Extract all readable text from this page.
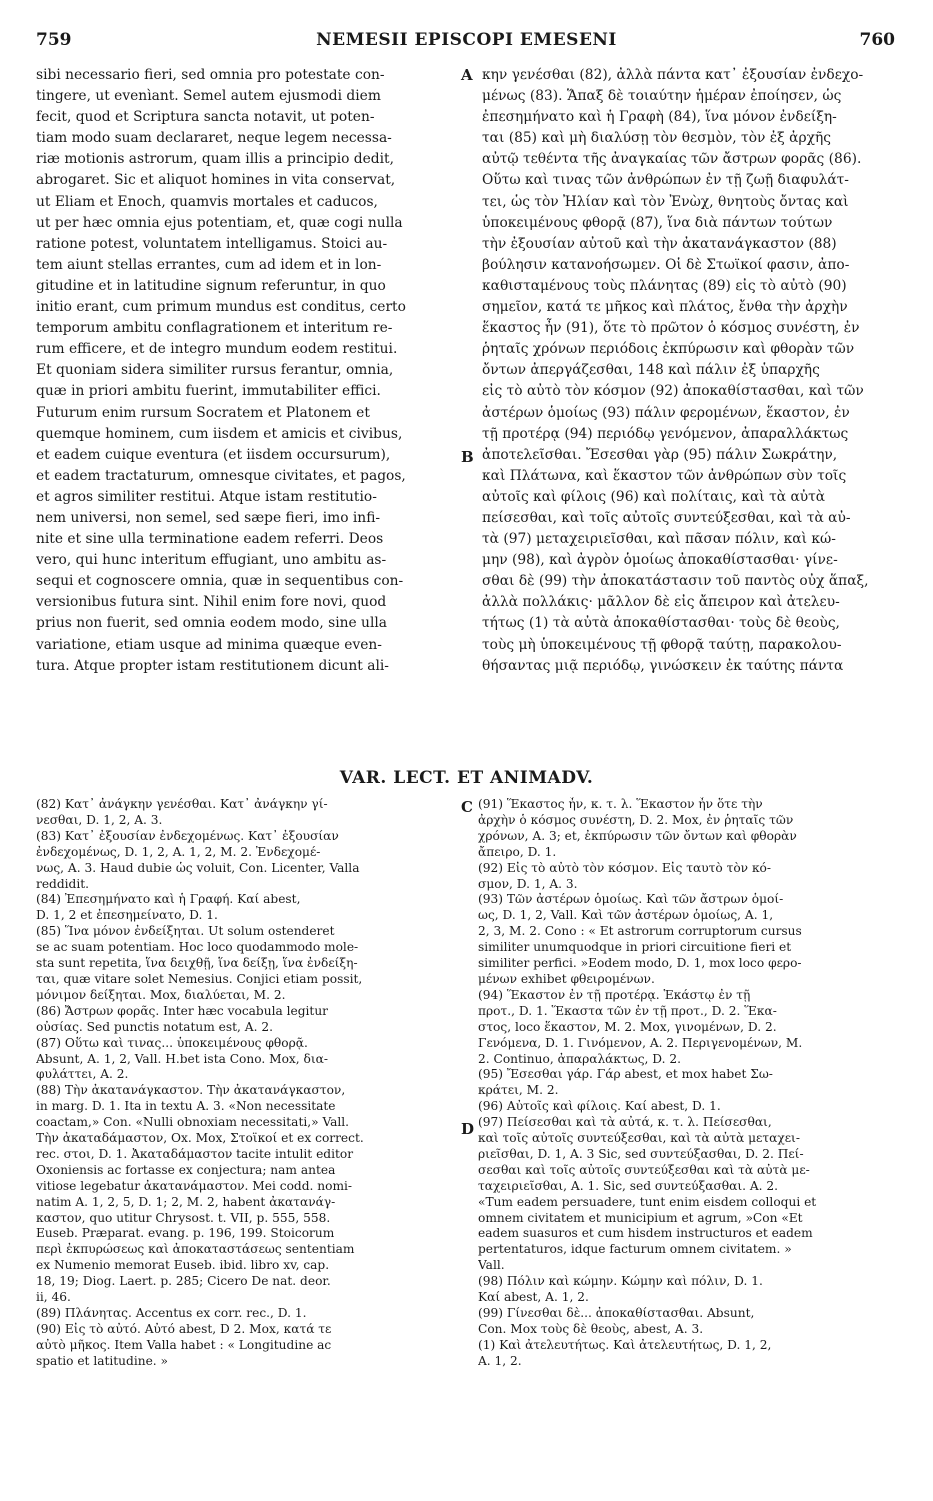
759	NEMESII EPISCOPI EMESENI	760
sibi necessario fieri, sed omnia pro potestate con-
tingere, ut evenìant. Semel autem ejusmodi diem
fecit, quod et Scriptura sancta notavit, ut poten-
tiam modo suam declararet, neque legem necessa-
riæ motionis astrorum, quam illis a principio dedit,
abrogaret. Sic et aliquot homines in vita conservat,
ut Eliam et Enoch, quamvis mortales et caducos,
ut per hæc omnia ejus potentiam, et, quæ cogi nulla
ratione potest, voluntatem intelligamus. Stoici au-
tem aiunt stellas errantes, cum ad idem et in lon-
gitudine et in latitudine signum referuntur, in quo
initio erant, cum primum mundus est conditus, certo
temporum ambitu conflagrationem et interitum re-
rum efficere, et de integro mundum eodem restitui.
Et quoniam sidera similiter rursus ferantur, omnia,
quæ in priori ambitu fuerint, immutabiliter effici.
Futurum enim rursum Socratem et Platonem et
quemque hominem, cum iisdem et amicis et civibus,
et eadem cuique eventura (et iisdem occursurum),
et eadem tractaturum, omnesque civitates, et pagos,
et agros similiter restitui. Atque istam restitutio-
nem universi, non semel, sed sæpe fieri, imo infi-
nite et sine ulla terminatione eadem referri. Deos
vero, qui hunc interitum effugiant, uno ambitu as-
sequi et cognoscere omnia, quæ in sequentibus con-
versionibus futura sint. Nihil enim fore novi, quod
prius non fuerit, sed omnia eodem modo, sine ulla
variatione, etiam usque ad minima quæque even-
tura. Atque propter istam restitutionem dicunt ali-
κην γενέσθαι (82), ἀλλὰ πάντα κατ᾽ ἐξουσίαν ἐνδεχο-
μένως (83). Ἅπαξ δὲ τοιαύτην ἡμέραν ἐποίησεν, ὡς
ἐπεσημήνατο καὶ ἡ Γραφὴ (84), ἵνα μόνον ἐνδείξη-
ται (85) καὶ μὴ διαλύσῃ τὸν θεσμὸν, τὸν ἐξ ἀρχῆς
αὐτῷ τεθέντα τῆς ἀναγκαίας τῶν ἄστρων φορᾶς (86).
Οὕτω καὶ τινας τῶν ἀνθρώπων ἐν τῇ ζωῇ διαφυλάτ-
τει, ὡς τὸν Ἠλίαν καὶ τὸν Ἐνὼχ, θνητοὺς ὄντας καὶ
ὑποκειμένους φθορᾷ (87), ἵνα διὰ πάντων τούτων
τὴν ἐξουσίαν αὐτοῦ καὶ τὴν ἀκατανάγκαστον (88)
βούλησιν κατανοήσωμεν. Οἱ δὲ Στωϊκοί φασιν, ἀπο-
καθισταμένους τοὺς πλάνητας (89) εἰς τὸ αὐτὸ (90)
σημεῖον, κατά τε μῆκος καὶ πλάτος, ἔνθα τὴν ἀρχὴν
ἕκαστος ἦν (91), ὅτε τὸ πρῶτον ὁ κόσμος συνέστη, ἐν
ῥηταῖς χρόνων περιόδοις ἐκπύρωσιν καὶ φθορὰν τῶν
ὄντων ἀπεργάζεσθαι, 148 καὶ πάλιν ἐξ ὑπαρχῆς
εἰς τὸ αὐτὸ τὸν κόσμον (92) ἀποκαθίστασθαι, καὶ τῶν
ἀστέρων ὁμοίως (93) πάλιν φερομένων, ἕκαστον, ἐν
τῇ προτέρᾳ (94) περιόδῳ γενόμενον, ἀπαραλλάκτως
ἀποτελεῖσθαι. Ἔσεσθαι γὰρ (95) πάλιν Σωκράτην,
καὶ Πλάτωνα, καὶ ἕκαστον τῶν ἀνθρώπων σὺν τοῖς
αὐτοῖς καὶ φίλοις (96) καὶ πολίταις, καὶ τὰ αὐτὰ
πείσεσθαι, καὶ τοῖς αὐτοῖς συντεύξεσθαι, καὶ τὰ αὐ-
τὰ (97) μεταχειριεῖσθαι, καὶ πᾶσαν πόλιν, καὶ κώ-
μην (98), καὶ ἀγρὸν ὁμοίως ἀποκαθίστασθαι· γίνε-
σθαι δὲ (99) τὴν ἀποκατάστασιν τοῦ παντὸς οὐχ ἅπαξ,
ἀλλὰ πολλάκις· μᾶλλον δὲ εἰς ἄπειρον καὶ ἀτελευ-
τήτως (1) τὰ αὐτὰ ἀποκαθίστασθαι· τοὺς δὲ θεοὺς,
τοὺς μὴ ὑποκειμένους τῇ φθορᾷ ταύτῃ, παρακολου-
θήσαντας μιᾷ περιόδῳ, γινώσκειν ἐκ ταύτης πάντα
A
B
C
D
VAR. LECT. ET ANIMADV.
(82) Κατ᾽ ἀνάγκην γενέσθαι. Κατ᾽ ἀνάγκην γί-
νεσθαι, D. 1, 2, A. 3.
(83) Κατ᾽ ἐξουσίαν ἐνδεχομένως. Κατ᾽ ἐξουσίαν
ἐνδεχομένως, D. 1, 2, A. 1, 2, M. 2. Ἐνδεχομέ-
νως, A. 3. Haud dubie ὡς voluit, Con. Licenter, Valla
reddidit.
(84) Ἐπεσημήνατο καὶ ἡ Γραφή. Καί abest,
D. 1, 2 et ἐπεσημείνατο, D. 1.
(85) Ἵνα μόνον ἐνδείξηται. Ut solum ostenderet
se ac suam potentiam. Hoc loco quodammodo mole-
sta sunt repetita, ἵνα δειχθῇ, ἵνα δείξῃ, ἵνα ἐνδείξη-
ται, quæ vitare solet Nemesius. Conjici etiam possit,
μόνιμον δείξηται. Mox, διαλύεται, M. 2.
(86) Ἄστρων φορᾶς. Inter hæc vocabula legitur
οὐσίας. Sed punctis notatum est, A. 2.
(87) Οὕτω καὶ τινας... ὑποκειμένους φθορᾷ.
Absunt, A. 1, 2, Vall. H.bet ista Cono. Mox, δια-
φυλάττει, A. 2.
(88) Τὴν ἀκατανάγκαστον. Τὴν ἀκατανάγκαστον,
in marg. D. 1. Ita in textu A. 3. «Non necessitate
coactam,» Con. «Nulli obnoxiam necessitati,» Vall.
Τὴν ἀκαταδάμαστον, Ox. Mox, Στοϊκοί et ex correct.
rec. στοι, D. 1. Ἀκαταδάμαστον tacite intulit editor
Oxoniensis ac fortasse ex conjectura; nam antea
vitiose legebatur ἀκατανάμαστον. Mei codd. nomi-
natim A. 1, 2, 5, D. 1; 2, M. 2, habent ἀκατανάγ-
καστον, quo utitur Chrysost. t. VII, p. 555, 558.
Euseb. Præparat. evang. p. 196, 199. Stoicorum
περὶ ἐκπυρώσεως καὶ ἀποκαταστάσεως sententiam
ex Numenio memorat Euseb. ibid. libro xv, cap.
18, 19; Diog. Laert. p. 285; Cicero De nat. deor.
ii, 46.
(89) Πλάνητας. Accentus ex corr. rec., D. 1.
(90) Εἰς τὸ αὐτό. Αὐτό abest, D 2. Mox, κατά τε
αὐτὸ μῆκος. Item Valla habet : « Longitudine ac
spatio et latitudine. »
(91) Ἕκαστος ἦν, κ. τ. λ. Ἕκαστον ἦν ὅτε τὴν
ἀρχὴν ὁ κόσμος συνέστη, D. 2. Mox, ἐν ῥηταῖς τῶν
χρόνων, A. 3; et, ἐκπύρωσιν τῶν ὄντων καὶ φθορὰν
ἄπειρο, D. 1.
(92) Εἰς τὸ αὐτὸ τὸν κόσμον. Εἰς ταυτὸ τὸν κό-
σμον, D. 1, A. 3.
(93) Τῶν ἀστέρων ὁμοίως. Καὶ τῶν ἄστρων ὁμοί-
ως, D. 1, 2, Vall. Καὶ τῶν ἀστέρων ὁμοίως, A. 1,
2, 3, M. 2. Cono : « Et astrorum corruptorum cursus
similiter unumquodque in priori circuitione fieri et
similiter perfici. »Eodem modo, D. 1, mox loco φερο-
μένων exhibet φθειρομένων.
(94) Ἕκαστον ἐν τῇ προτέρᾳ. Ἑκάστῳ ἐν τῇ
προτ., D. 1. Ἕκαστα τῶν ἐν τῇ προτ., D. 2. Ἕκα-
στος, loco ἕκαστον, M. 2. Mox, γινομένων, D. 2.
Γενόμενα, D. 1. Γινόμενον, A. 2. Περιγενομένων, M.
2. Continuo, ἀπαραλάκτως, D. 2.
(95) Ἔσεσθαι γάρ. Γάρ abest, et mox habet Σω-
κράτει, M. 2.
(96) Αὐτοῖς καὶ φίλοις. Καί abest, D. 1.
(97) Πείσεσθαι καὶ τὰ αὐτά, κ. τ. λ. Πείσεσθαι,
καὶ τοῖς αὐτοῖς συντεύξεσθαι, καὶ τὰ αὐτὰ μεταχει-
ριεῖσθαι, D. 1, A. 3 Sic, sed συντεύξασθαι, D. 2. Πεί-
σεσθαι καὶ τοῖς αὐτοῖς συντεύξεσθαι καὶ τὰ αὐτὰ με-
ταχειριεῖσθαι, A. 1. Sic, sed συντεύξασθαι. A. 2.
«Tum eadem persuadere, tunt enim eisdem colloqui et
omnem civitatem et municipium et agrum, »Con «Et
eadem suasuros et cum hisdem instructuros et eadem
pertentaturos, idque facturum omnem civitatem. »
Vall.
(98) Πόλιν καὶ κώμην. Κώμην καὶ πόλιν, D. 1.
Καί abest, A. 1, 2.
(99) Γίνεσθαι δὲ... ἀποκαθίστασθαι. Absunt,
Con. Mox τοὺς δὲ θεοὺς, abest, A. 3.
(1) Καὶ ἀτελευτήτως. Καὶ ἀτελευτήτως, D. 1, 2,
A. 1, 2.
